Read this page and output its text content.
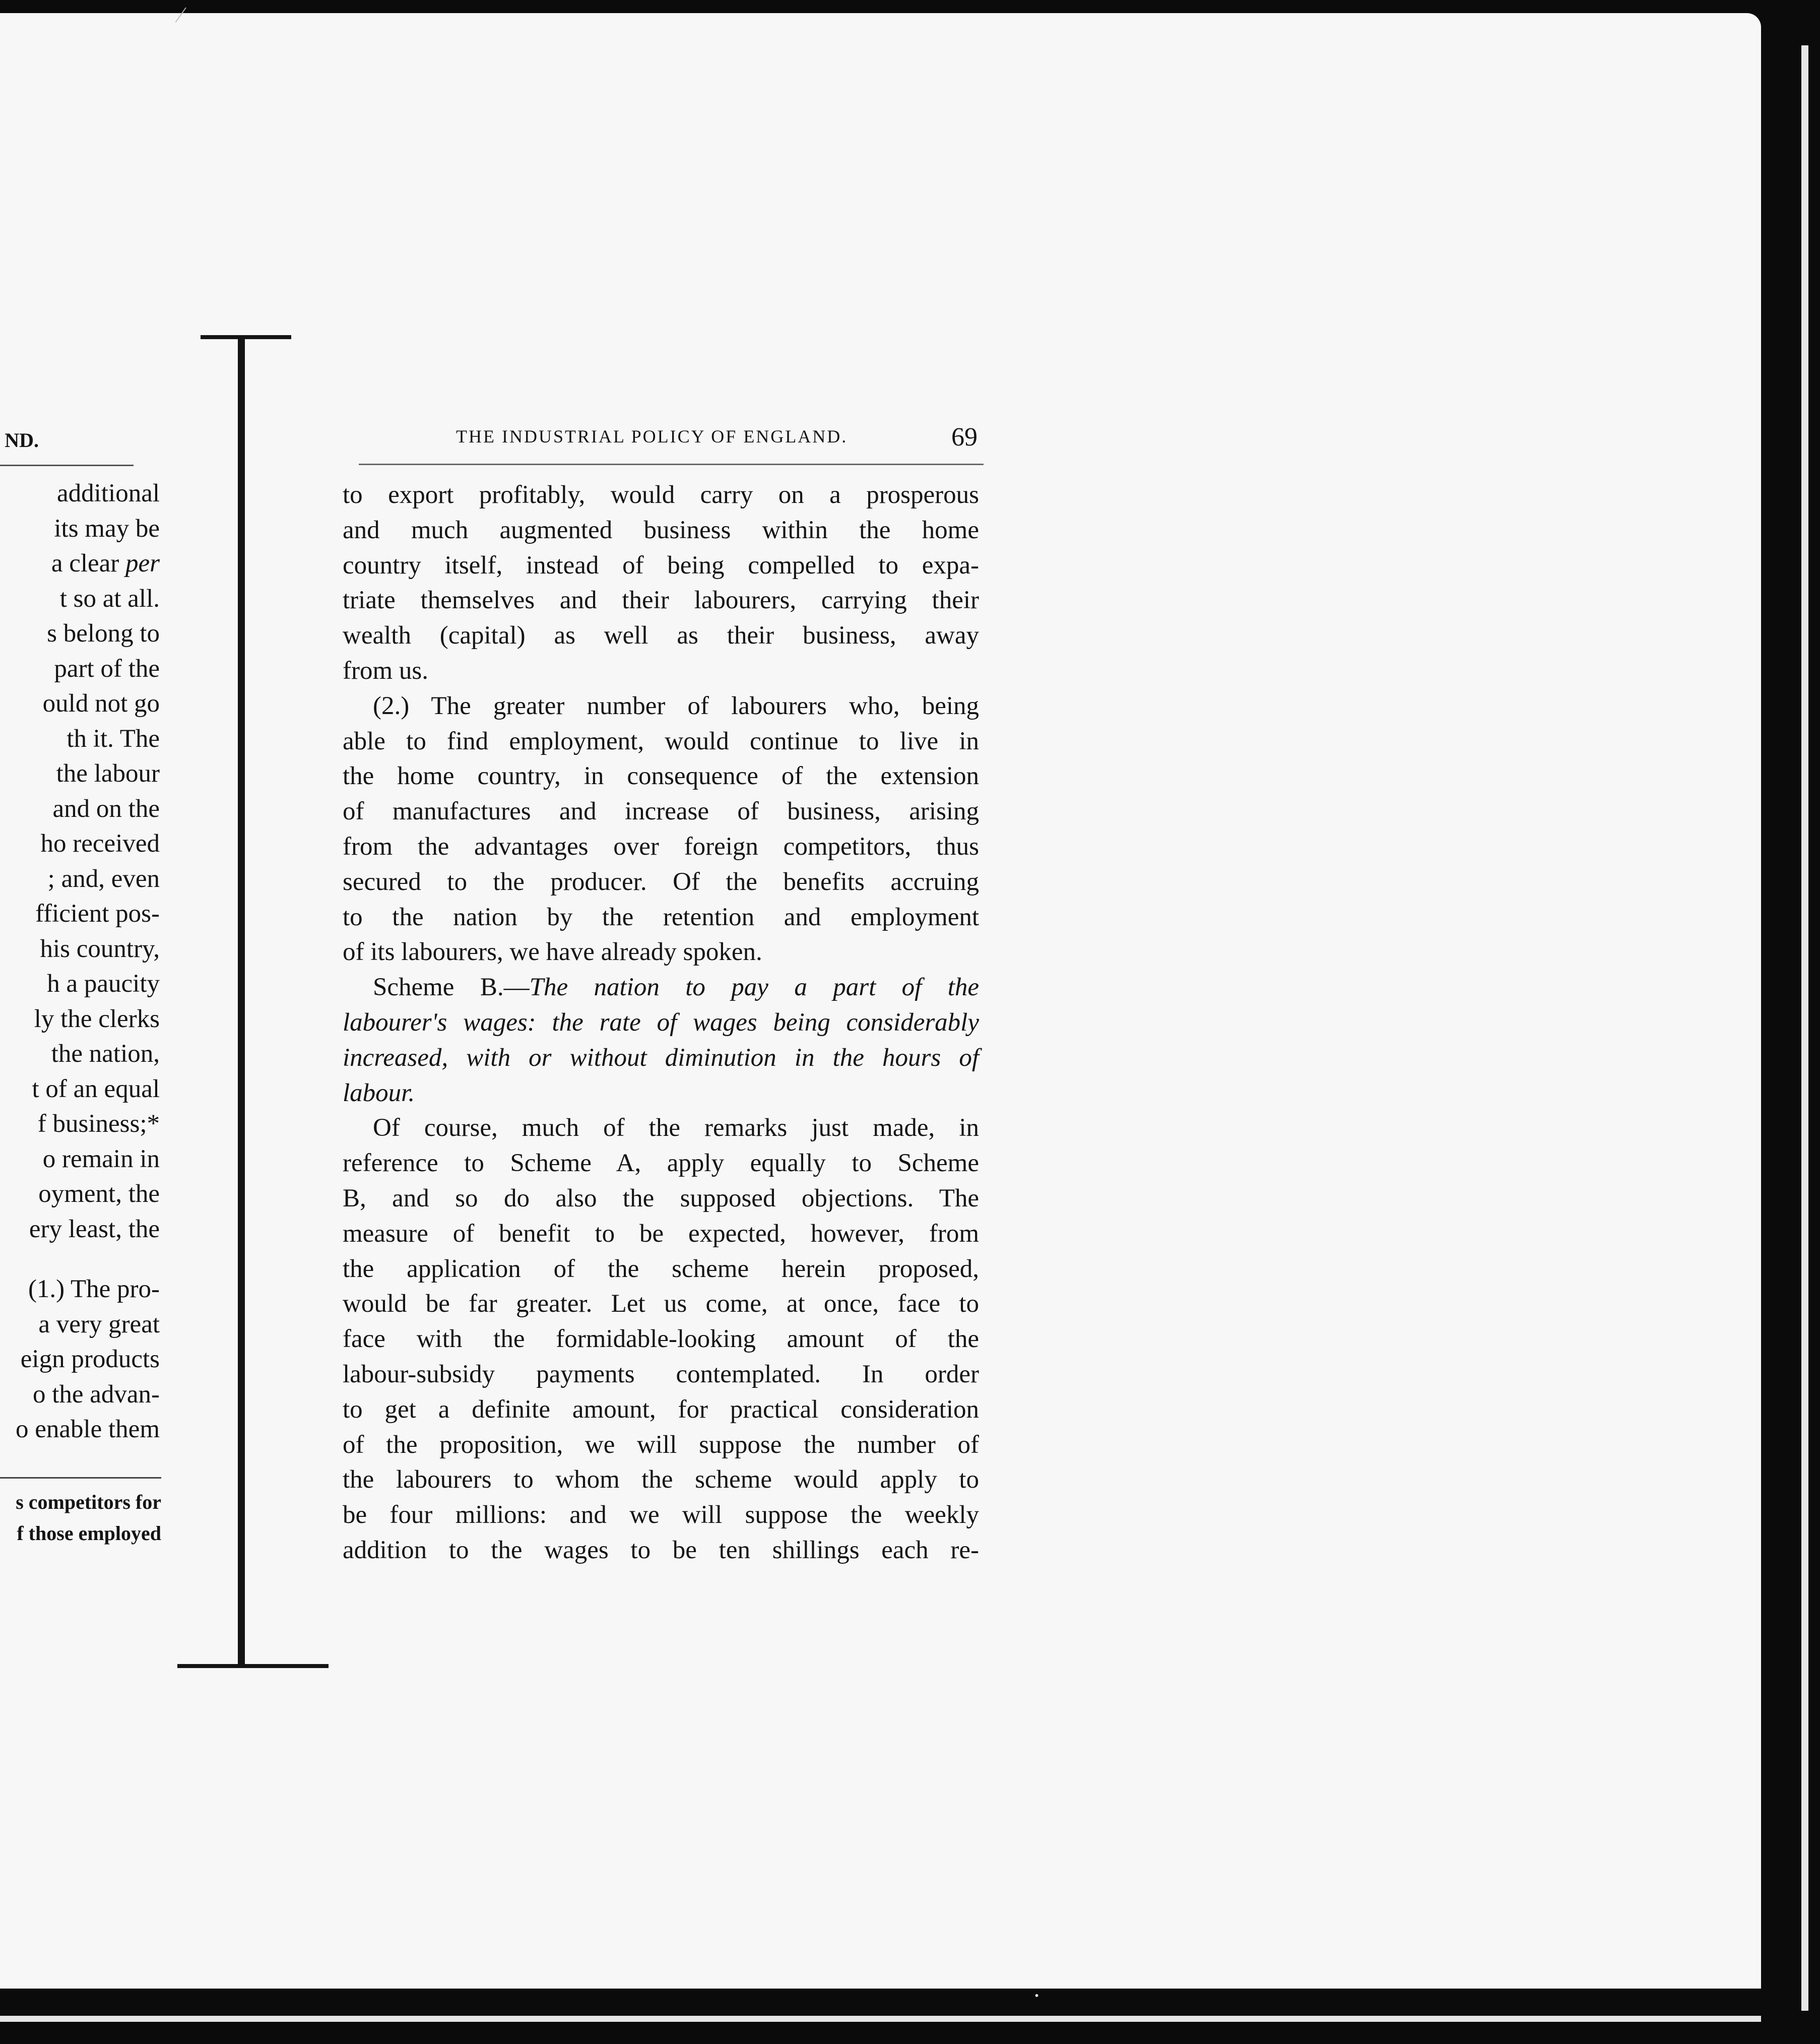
⁄
⋅
ND.
additional
its may be
a clear per
t so at all.
s belong to
part of the
ould not go
th it. The
the labour
and on the
ho received
; and, even
fficient pos-
his country,
h a paucity
ly the clerks
the nation,
t of an equal
f business;*
o remain in
oyment, the
ery least, the
(1.) The pro-
a very great
eign products
o the advan-
o enable them
s competitors for
f those employed
THE INDUSTRIAL POLICY OF ENGLAND.	69
to export profitably, would carry on a prosperous
and much augmented business within the home
country itself, instead of being compelled to expa-
triate themselves and their labourers, carrying their
wealth (capital) as well as their business, away
from us.
(2.) The greater number of labourers who, being
able to find employment, would continue to live in
the home country, in consequence of the extension
of manufactures and increase of business, arising
from the advantages over foreign competitors, thus
secured to the producer. Of the benefits accruing
to the nation by the retention and employment
of its labourers, we have already spoken.
Scheme B.—The nation to pay a part of the
labourer's wages: the rate of wages being considerably
increased, with or without diminution in the hours of
labour.
Of course, much of the remarks just made, in
reference to Scheme A, apply equally to Scheme
B, and so do also the supposed objections. The
measure of benefit to be expected, however, from
the application of the scheme herein proposed,
would be far greater. Let us come, at once, face to
face with the formidable-looking amount of the
labour-subsidy payments contemplated. In order
to get a definite amount, for practical consideration
of the proposition, we will suppose the number of
the labourers to whom the scheme would apply to
be four millions: and we will suppose the weekly
addition to the wages to be ten shillings each re-
